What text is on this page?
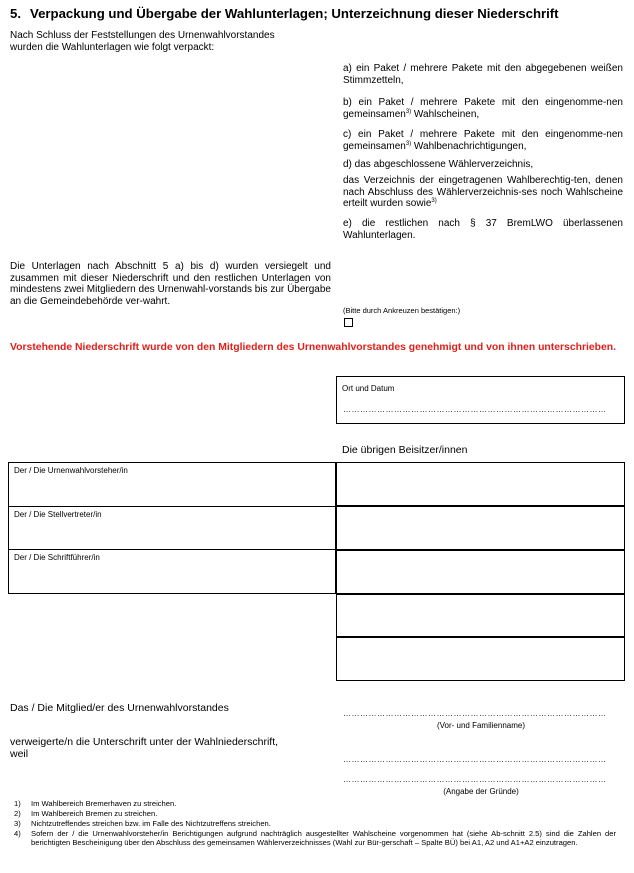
5. Verpackung und Übergabe der Wahlunterlagen; Unterzeichnung dieser Niederschrift
Nach Schluss der Feststellungen des Urnenwahlvorstandes
wurden die Wahlunterlagen wie folgt verpackt:
a) ein Paket / mehrere Pakete mit den abgegebenen weißen Stimmzetteln,
b) ein Paket / mehrere Pakete mit den eingenomme-nen gemeinsamen$^{3)}$ Wahlscheinen,
c) ein Paket / mehrere Pakete mit den eingenomme-nen gemeinsamen$^{3)}$ Wahlbenachrichtigungen,
d) das abgeschlossene Wählerverzeichnis,
das Verzeichnis der eingetragenen Wahlberechtig-ten, denen nach Abschluss des Wählerverzeichnis-ses noch Wahlscheine erteilt wurden sowie$^{3)}$
e) die restlichen nach § 37 BremLWO überlassenen Wahlunterlagen.
Die Unterlagen nach Abschnitt 5 a) bis d) wurden versiegelt und zusammen mit dieser Niederschrift und den restlichen Unterlagen von mindestens zwei Mitgliedern des Urnenwahl-vorstands bis zur Übergabe an die Gemeindebehörde ver-wahrt.
(Bitte durch Ankreuzen bestätigen:)
Vorstehende Niederschrift wurde von den Mitgliedern des Urnenwahlvorstandes genehmigt und von ihnen unterschrieben.
Ort und Datum
…………………………………………………………………………………
Die übrigen Beisitzer/innen
Der / Die Urnenwahlvorsteher/in
Der / Die Stellvertreter/in
Der / Die Schriftführer/in
Das / Die Mitglied/er des Urnenwahlvorstandes	…………………………………………………………………………………
(Vor- und Familienname)
verweigerte/n die Unterschrift unter der Wahlniederschrift,
weil	…………………………………………………………………………………
…………………………………………………………………………………
(Angabe der Gründe)
1) Im Wahlbereich Bremerhaven zu streichen.
2) Im Wahlbereich Bremen zu streichen.
3) Nichtzutreffendes streichen bzw. im Falle des Nichtzutreffens streichen.
4) Sofern der / die Urnenwahlvorsteher/in Berichtigungen aufgrund nachträglich ausgestellter Wahlscheine vorgenommen hat (siehe Ab-schnitt 2.5) sind die Zahlen der berichtigten Bescheinigung über den Abschluss des gemeinsamen Wählerverzeichnisses (Wahl zur Bür-gerschaft – Spalte BÜ) bei A1, A2 und A1+A2 einzutragen.
